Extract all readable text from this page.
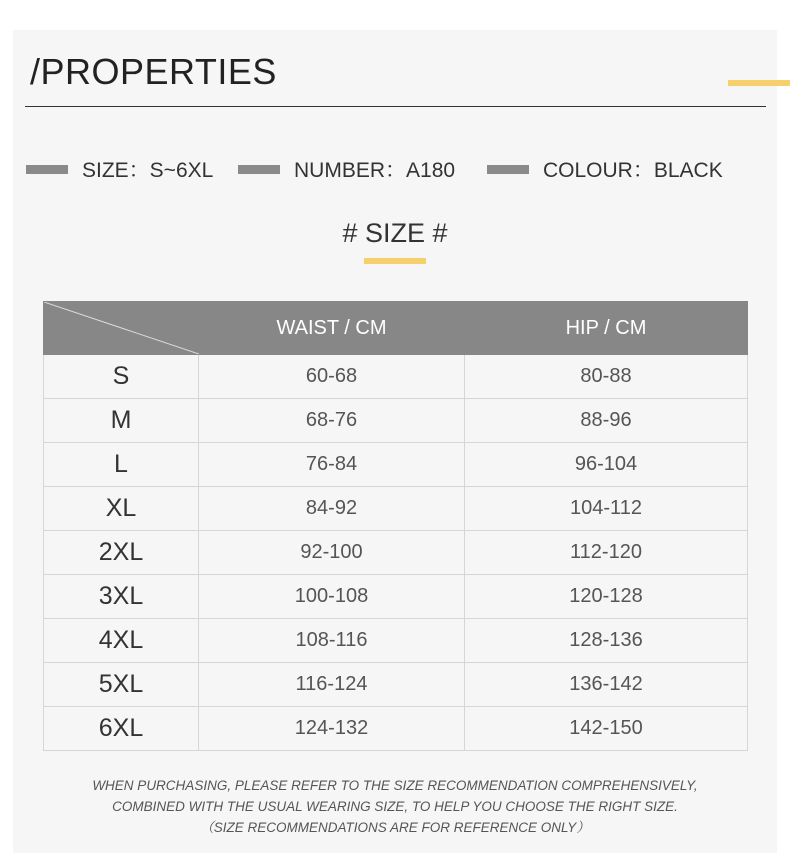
/PROPERTIES
SIZE：S~6XL	NUMBER：A180	COLOUR：BLACK
# SIZE #
	WAIST / CM	HIP / CM
S	60-68	80-88
M	68-76	88-96
L	76-84	96-104
XL	84-92	104-112
2XL	92-100	112-120
3XL	100-108	120-128
4XL	108-116	128-136
5XL	116-124	136-142
6XL	124-132	142-150
WHEN PURCHASING, PLEASE REFER TO THE SIZE RECOMMENDATION COMPREHENSIVELY,
COMBINED WITH THE USUAL WEARING SIZE, TO HELP YOU CHOOSE THE RIGHT SIZE.
（SIZE RECOMMENDATIONS ARE FOR REFERENCE ONLY）
